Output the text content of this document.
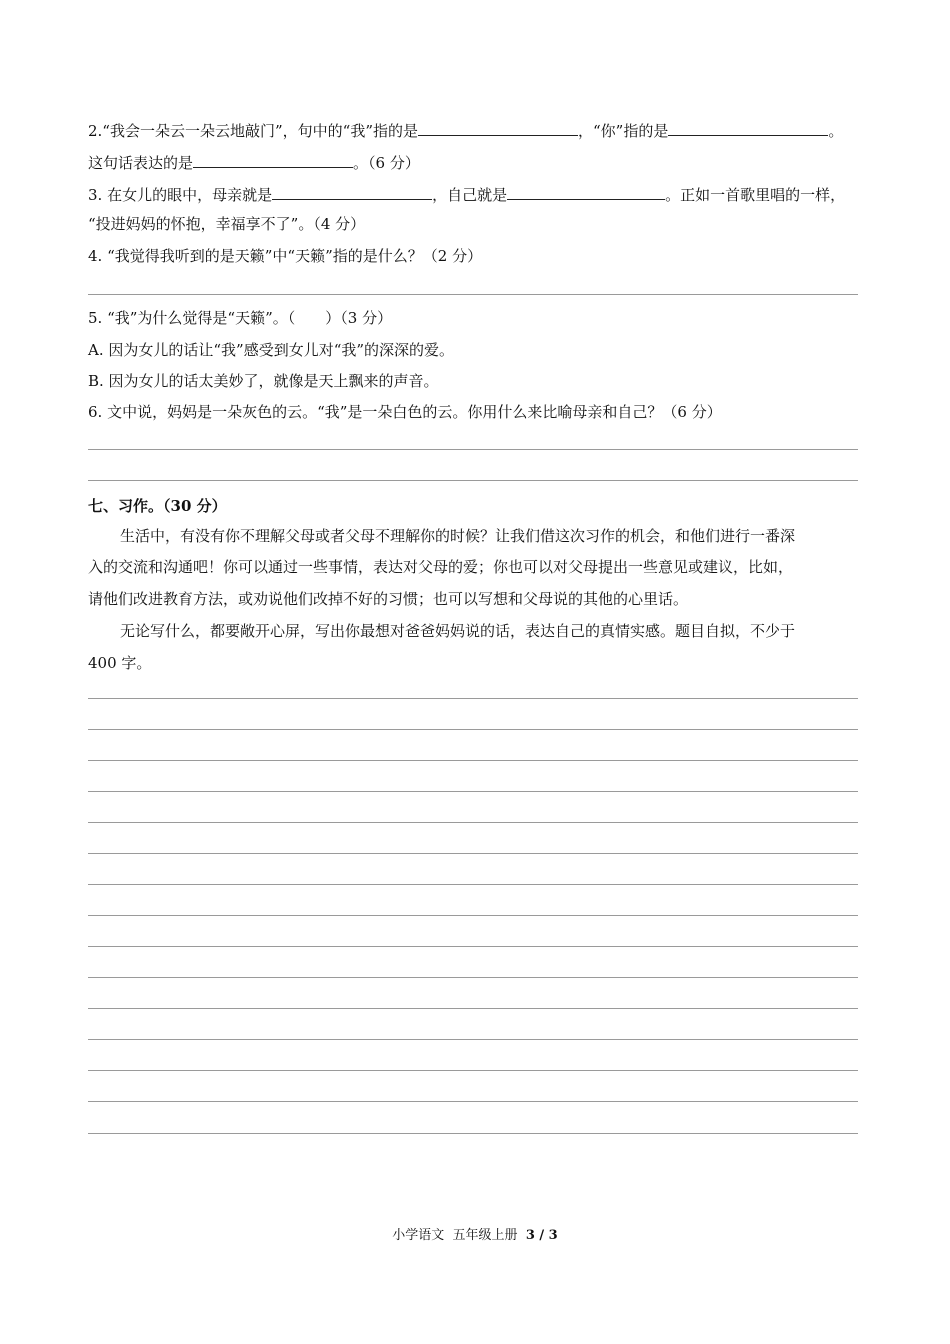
2.“我会一朵云一朵云地敲门”，句中的“我”指的是	，“你”指的是	。
这句话表达的是	。（6 分）
3. 在女儿的眼中，母亲就是	，自己就是	。正如一首歌里唱的一样，
“投进妈妈的怀抱，幸福享不了”。（4 分）
4. “我觉得我听到的是天籁”中“天籁”指的是什么？（2 分）
5. “我”为什么觉得是“天籁”。（　　）（3 分）
A. 因为女儿的话让“我”感受到女儿对“我”的深深的爱。
B. 因为女儿的话太美妙了，就像是天上飘来的声音。
6. 文中说，妈妈是一朵灰色的云。“我”是一朵白色的云。你用什么来比喻母亲和自己？（6 分）
七、习作。（30 分）
生活中，有没有你不理解父母或者父母不理解你的时候？让我们借这次习作的机会，和他们进行一番深
入的交流和沟通吧！你可以通过一些事情，表达对父母的爱；你也可以对父母提出一些意见或建议，比如，
请他们改进教育方法，或劝说他们改掉不好的习惯；也可以写想和父母说的其他的心里话。
无论写什么，都要敞开心屏，写出你最想对爸爸妈妈说的话，表达自己的真情实感。题目自拟，不少于
400 字。
小学语文 五年级上册 3 / 3
